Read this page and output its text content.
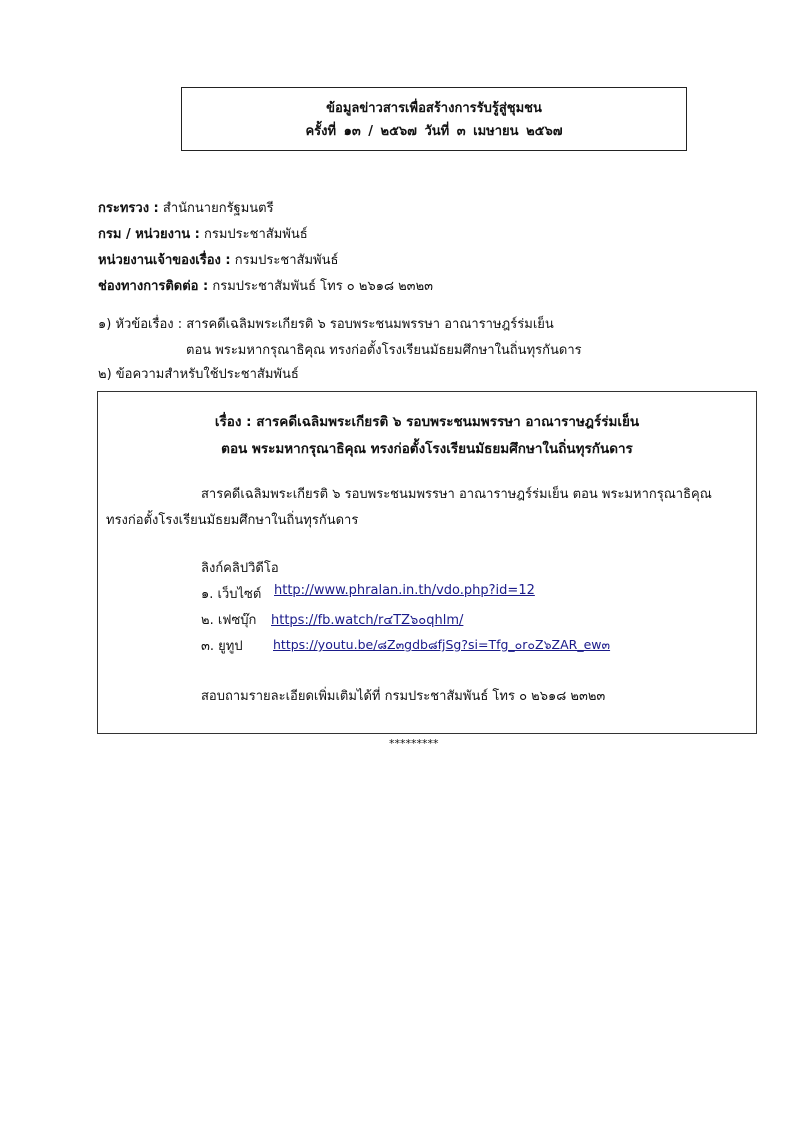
ข้อมูลข่าวสารเพื่อสร้างการรับรู้สู่ชุมชน
ครั้งที่ ๑๓ / ๒๕๖๗ วันที่ ๓ เมษายน ๒๕๖๗
กระทรวง : สำนักนายกรัฐมนตรี
กรม / หน่วยงาน : กรมประชาสัมพันธ์
หน่วยงานเจ้าของเรื่อง : กรมประชาสัมพันธ์
ช่องทางการติดต่อ : กรมประชาสัมพันธ์ โทร ๐ ๒๖๑๘ ๒๓๒๓
๑) หัวข้อเรื่อง : สารคดีเฉลิมพระเกียรติ ๖ รอบพระชนมพรรษา อาณาราษฎร์ร่มเย็น
ตอน พระมหากรุณาธิคุณ ทรงก่อตั้งโรงเรียนมัธยมศึกษาในถิ่นทุรกันดาร
๒) ข้อความสำหรับใช้ประชาสัมพันธ์
เรื่อง : สารคดีเฉลิมพระเกียรติ ๖ รอบพระชนมพรรษา อาณาราษฎร์ร่มเย็น
ตอน พระมหากรุณาธิคุณ ทรงก่อตั้งโรงเรียนมัธยมศึกษาในถิ่นทุรกันดาร
สารคดีเฉลิมพระเกียรติ ๖ รอบพระชนมพรรษา อาณาราษฎร์ร่มเย็น ตอน พระมหากรุณาธิคุณ
ทรงก่อตั้งโรงเรียนมัธยมศึกษาในถิ่นทุรกันดาร
ลิงก์คลิปวิดีโอ
๑. เว็บไซต์ http://www.phralan.in.th/vdo.php?id=12
๒. เฟซบุ๊ก https://fb.watch/r๔TZ๖๐qhlm/
๓. ยูทูป https://youtu.be/๘Z๓gdb๘fjSg?si=Tfg_๐r๐Z๖ZAR_ew๓
สอบถามรายละเอียดเพิ่มเติมได้ที่ กรมประชาสัมพันธ์ โทร ๐ ๒๖๑๘ ๒๓๒๓
*********
